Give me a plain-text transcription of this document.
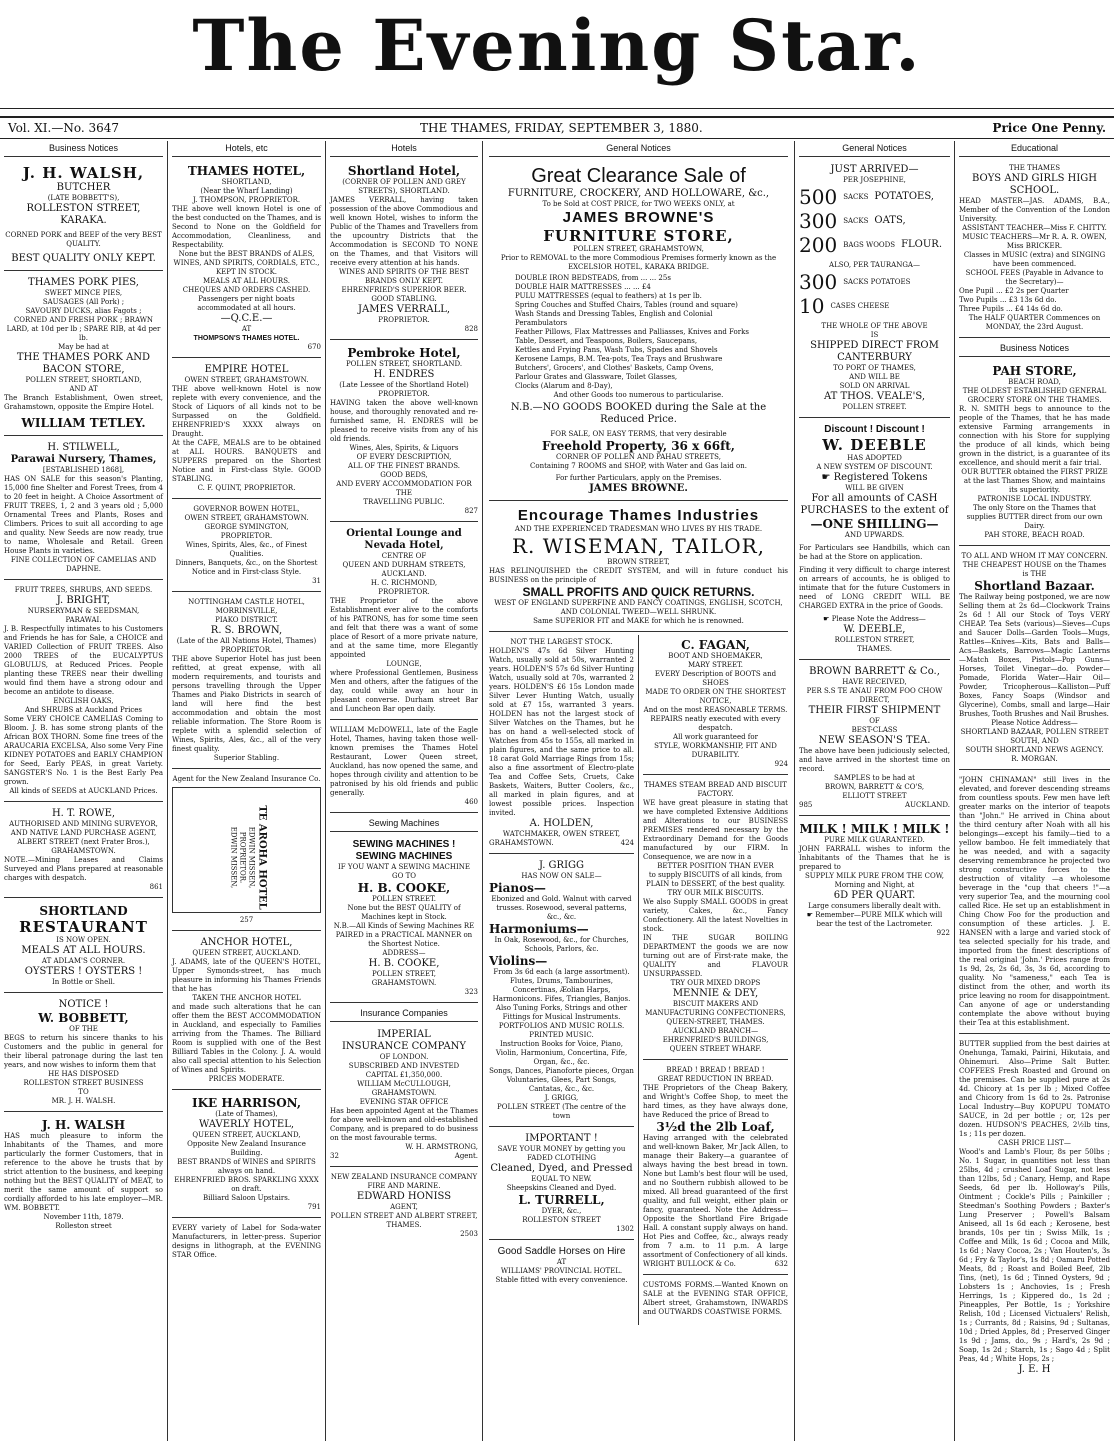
The Evening Star.
Vol. XI.—No. 3647	THE THAMES, FRIDAY, SEPTEMBER 3, 1880.	Price One Penny.
Business Notices
J. H. WALSH,
BUTCHER
(LATE BOBBETT'S),
ROLLESTON STREET, KARAKA.
CORNED PORK and BEEF of the very BEST QUALITY.
BEST QUALITY ONLY KEPT.
THAMES PORK PIES,
SWEET MINCE PIES,
SAUSAGES (All Pork) ;
SAVOURY DUCKS, alias Fagots ;
CORNED AND FRESH PORK ; BRAWN
LARD, at 10d per lb ; SPARE RIB, at 4d per lb.
May be had at
THE THAMES PORK AND
BACON STORE,
POLLEN STREET, SHORTLAND,
AND AT
The Branch Establishment, Owen street, Grahamstown, opposite the Empire Hotel.
WILLIAM TETLEY.
H. STILWELL,
Parawai Nursery, Thames,
[ESTABLISHED 1868],
HAS ON SALE for this season's Planting, 15,000 fine Shelter and Forest Trees, from 4 to 20 feet in height. A Choice Assortment of FRUIT TREES, 1, 2 and 3 years old ; 5,000 Ornamental Trees and Plants, Roses and Climbers. Prices to suit all according to age and quality. New Seeds are now ready, true to name, Wholesale and Retail. Green House Plants in varieties.
FINE COLLECTION OF CAMELIAS AND DAPHNE.
FRUIT TREES, SHRUBS, AND SEEDS.
J. BRIGHT,
NURSERYMAN & SEEDSMAN,
PARAWAI.
J. B. Respectfully intimates to his Customers and Friends he has for Sale, a CHOICE and VARIED Collection of FRUIT TREES. Also 2000 TREES of the EUCALYPTUS GLOBULUS, at Reduced Prices. People planting these TREES near their dwelling would find them have a strong odour and become an antidote to disease.
ENGLISH OAKS,
And SHRUBS at Auckland Prices
Some VERY CHOICE CAMELIAS Coming to Bloom. J. B. has some strong plants of the African BOX THORN. Some fine trees of the ARAUCARIA EXCELSA, Also some Very Fine KIDNEY POTATOES and EARLY CHAMPION for Seed, Early PEAS, in great Variety. SANGSTER'S No. 1 is the Best Early Pea grown.
All kinds of SEEDS at AUCKLAND Prices.
H. T. ROWE,
AUTHORISED AND MINING SURVEYOR, AND NATIVE LAND PURCHASE AGENT,
ALBERT STREET (next Frater Bros.), GRAHAMSTOWN.
NOTE.—Mining Leases and Claims Surveyed and Plans prepared at reasonable charges with despatch.
861
SHORTLAND
RESTAURANT
IS NOW OPEN.
MEALS AT ALL HOURS.
AT ADLAM'S CORNER.
OYSTERS ! OYSTERS !
In Bottle or Shell.
NOTICE !
W. BOBBETT,
OF THE
BEGS to return his sincere thanks to his Customers and the public in general for their liberal patronage during the last ten years, and now wishes to inform them that
HE HAS DISPOSED
ROLLESTON STREET BUSINESS
TO
MR. J. H. WALSH.
J. H. WALSH
HAS much pleasure to inform the Inhabitants of the Thames, and more particularly the former Customers, that in reference to the above he trusts that by strict attention to the business, and keeping nothing but the BEST QUALITY of MEAT, to merit the same amount of support so cordially afforded to his late employer—MR. WM. BOBBETT.
November 11th, 1879.
Rolleston street
Hotels, etc
THAMES HOTEL,
SHORTLAND,
(Near the Wharf Landing)
J. THOMPSON, PROPRIETOR.
THE above well known Hotel is one of the best conducted on the Thames, and is Second to None on the Goldfield for Accommodation, Cleanliness, and Respectability.
None but the BEST BRANDS of ALES, WINES, AND SPIRITS, CORDIALS, ETC., KEPT IN STOCK.
MEALS AT ALL HOURS.
CHEQUES AND ORDERS CASHED.
Passengers per night boats accommodated at all hours.
—Q.C.E.—
AT
THOMPSON'S THAMES HOTEL.
670
EMPIRE HOTEL
OWEN STREET, GRAHAMSTOWN.
THE above well-known Hotel is now replete with every convenience, and the Stock of Liquors of all kinds not to be Surpassed on the Goldfield. EHRENFRIED'S XXXX always on Draught.
At the CAFE, MEALS are to be obtained at ALL HOURS. BANQUETS and SUPPERS prepared on the Shortest Notice and in First-class Style. GOOD STABLING.
C. F. QUINT, PROPRIETOR.
GOVERNOR BOWEN HOTEL,
OWEN STREET, GRAHAMSTOWN.
GEORGE SYMINGTON,
PROPRIETOR.
Wines, Spirits, Ales, &c., of Finest Qualities.
Dinners, Banquets, &c., on the Shortest Notice and in First-class Style.
31
NOTTINGHAM CASTLE HOTEL,
MORRINSVILLE,
PIAKO DISTRICT.
R. S. BROWN,
(Late of the All Nations Hotel, Thames)
PROPRIETOR.
THE above Superior Hotel has just been refitted, at great expense, with all modern requirements, and tourists and persons travelling through the Upper Thames and Piako Districts in search of land will here find the best accommodation and obtain the most reliable information. The Store Room is replete with a splendid selection of Wines, Spirits, Ales, &c., all of the very finest quality.
Superior Stabling.
Agent for the New Zealand Insurance Co.
TE AROHA HOTEL
EDWIN MISSEN, PROPRIETOR.
EDWIN MISSEN,
257
ANCHOR HOTEL,
QUEEN STREET, AUCKLAND.
J. ADAMS, late of the QUEEN'S HOTEL, Upper Symonds-street, has much pleasure in informing his Thames Friends that he has
TAKEN THE ANCHOR HOTEL
and made such alterations that he can offer them the BEST ACCOMMODATION in Auckland, and especially to Families arriving from the Thames. The Billiard Room is supplied with one of the Best Billiard Tables in the Colony. J. A. would also call special attention to his Selection of Wines and Spirits.
PRICES MODERATE.
IKE HARRISON,
(Late of Thames),
WAVERLY HOTEL,
QUEEN STREET, AUCKLAND,
Opposite New Zealand Insurance Building.
BEST BRANDS of WINES and SPIRITS always on hand.
EHRENFRIED BROS. SPARKLING XXXX on draft.
Billiard Saloon Upstairs.
791
EVERY variety of Label for Soda-water Manufacturers, in letter-press. Superior designs in lithograph, at the EVENING STAR Office.
Hotels
Shortland Hotel,
(CORNER OF POLLEN AND GREY STREETS), SHORTLAND.
JAMES VERRALL, having taken possession of the above Commodious and well known Hotel, wishes to inform the Public of the Thames and Travellers from the upcountry Districts that the Accommodation is SECOND TO NONE on the Thames, and that Visitors will receive every attention at his hands.
WINES AND SPIRITS OF THE BEST BRANDS ONLY KEPT.
EHRENFRIED'S SUPERIOR BEER.
GOOD STABLING.
JAMES VERRALL,
PROPRIETOR.
828
Pembroke Hotel,
POLLEN STREET, SHORTLAND.
H. ENDRES
(Late Lessee of the Shortland Hotel) PROPRIETOR.
HAVING taken the above well-known house, and thoroughly renovated and re-furnished same, H. ENDRES will be pleased to receive visits from any of his old friends.
Wines, Ales, Spirits, & Liquors
OF EVERY DESCRIPTION,
ALL OF THE FINEST BRANDS.
GOOD BEDS,
AND EVERY ACCOMMODATION FOR THE
TRAVELLING PUBLIC.
827
Oriental Lounge and Nevada Hotel,
CENTRE OF
QUEEN AND DURHAM STREETS,
AUCKLAND.
H. C. RICHMOND,
PROPRIETOR.
THE Proprietor of the above Establishment ever alive to the comforts of his PATRONS, has for some time seen and felt that there was a want of some place of Resort of a more private nature, and at the same time, more Elegantly appointed
LOUNGE,
where Professional Gentlemen, Business Men and others, after the fatigues of the day, could while away an hour in pleasant converse. Durham street Bar and Luncheon Bar open daily.
WILLIAM McDOWELL, late of the Eagle Hotel, Thames, having taken those well-known premises the Thames Hotel Restaurant, Lower Queen street, Auckland, has now opened the same, and hopes through civility and attention to be patronised by his old friends and public generally.
460
Sewing Machines
SEWING MACHINES !
SEWING MACHINES
IF YOU WANT A SEWING MACHINE
GO TO
H. B. COOKE,
POLLEN STREET.
None but the BEST QUALITY of Machines kept in Stock.
N.B.—All Kinds of Sewing Machines RE PAIRED in a PRACTICAL MANNER on the Shortest Notice.
ADDRESS—
H. B. COOKE,
POLLEN STREET,
GRAHAMSTOWN.
323
Insurance Companies
IMPERIAL
INSURANCE COMPANY
OF LONDON.
SUBSCRIBED AND INVESTED
CAPITAL £1,350,000.
WILLIAM McCULLOUGH,
GRAHAMSTOWN.
EVENING STAR OFFICE
Has been appointed Agent at the Thames for above well-known and old-established Company, and is prepared to do business on the most favourable terms.
W. H. ARMSTRONG,
32	Agent.
NEW ZEALAND INSURANCE COMPANY
FIRE AND MARINE.
EDWARD HONISS
AGENT,
POLLEN STREET AND ALBERT STREET, THAMES.
2503
General Notices
Great Clearance Sale of
FURNITURE, CROCKERY, AND HOLLOWARE, &c.,
To be Sold at COST PRICE, for TWO WEEKS ONLY, at
JAMES BROWNE'S
FURNITURE STORE,
POLLEN STREET, GRAHAMSTOWN,
Prior to REMOVAL to the more Commodious Premises formerly known as the EXCELSIOR HOTEL, KARAKA BRIDGE.
DOUBLE IRON BEDSTEADS, from ... ... 25s
DOUBLE HAIR MATTRESSES ... ... £4
PULU MATTRESSES (equal to feathers) at 1s per lb.
Spring Couches and Stuffed Chairs, Tables (round and square)
Wash Stands and Dressing Tables, English and Colonial Perambulators
Feather Pillows, Flax Mattresses and Palliasses, Knives and Forks
Table, Dessert, and Teaspoons, Boilers, Saucepans,
Kettles and Frying Pans, Wash Tubs, Spades and Shovels
Kerosene Lamps, B.M. Tea-pots, Tea Trays and Brushware
Butchers', Grocers', and Clothes' Baskets, Camp Ovens,
Parlour Grates and Glassware, Toilet Glasses,
Clocks (Alarum and 8-Day),
And other Goods too numerous to particularise.
N.B.—NO GOODS BOOKED during the Sale at the Reduced Price.
FOR SALE, ON EASY TERMS, that very desirable
Freehold Property, 36 x 66ft,
CORNER OF POLLEN AND PAHAU STREETS,
Containing 7 ROOMS and SHOP, with Water and Gas laid on.
For further Particulars, apply on the Premises.
JAMES BROWNE.
Encourage Thames Industries
AND THE EXPERIENCED TRADESMAN WHO LIVES BY HIS TRADE.
R. WISEMAN, TAILOR,
BROWN STREET,
HAS RELINQUISHED the CREDIT SYSTEM, and will in future conduct his BUSINESS on the principle of
SMALL PROFITS AND QUICK RETURNS.
WEST OF ENGLAND SUPERFINE AND FANCY COATINGS, ENGLISH, SCOTCH, AND COLONIAL TWEED—WELL SHRUNK.
Same SUPERIOR FIT and MAKE for which he is renowned.
NOT THE LARGEST STOCK.
HOLDEN'S 47s 6d Silver Hunting Watch, usually sold at 50s, warranted 2 years. HOLDEN'S 57s 6d Silver Hunting Watch, usually sold at 70s, warranted 2 years. HOLDEN'S £6 15s London made Silver Lever Hunting Watch, usually sold at £7 15s, warranted 3 years. HOLDEN has not the largest stock of Silver Watches on the Thames, but he has on hand a well-selected stock of Watches from 45s to 155s, all marked in plain figures, and the same price to all. 18 carat Gold Marriage Rings from 15s; also a fine assortment of Electro-plate Tea and Coffee Sets, Cruets, Cake Baskets, Waiters, Butter Coolers, &c., all marked in plain figures, and at lowest possible prices. Inspection invited.
A. HOLDEN,
WATCHMAKER, OWEN STREET,
GRAHAMSTOWN.	424
J. GRIGG
HAS NOW ON SALE—
Pianos—
Ebonized and Gold. Walnut with carved trusses. Rosewood, several patterns, &c., &c.
Harmoniums—
In Oak, Rosewood, &c., for Churches, Schools, Parlors, &c.
Violins—
From 3s 6d each (a large assortment). Flutes, Drums, Tambourines, Concertinas, Æolian Harps, Harmonicons. Fifes, Triangles, Banjos. Also Tuning Forks, Strings and other Fittings for Musical Instruments.
PORTFOLIOS AND MUSIC ROLLS.
PRINTED MUSIC.
Instruction Books for Voice, Piano, Violin, Harmonium, Concertina, Fife, Organ, &c., &c.
Songs, Dances, Pianoforte pieces, Organ Voluntaries, Glees, Part Songs, Cantatas, &c., &c.
J. GRIGG,
POLLEN STREET (The centre of the town
IMPORTANT !
SAVE YOUR MONEY by getting you FADED CLOTHING
Cleaned, Dyed, and Pressed
EQUAL TO NEW.
Sheepskins Cleaned and Dyed.
L. TURRELL,
DYER, &c.,
ROLLESTON STREET
1302
Good Saddle Horses on Hire
AT
WILLIAMS' PROVINCIAL HOTEL.
Stable fitted with every convenience.
C. FAGAN,
BOOT AND SHOEMAKER,
MARY STREET.
EVERY Description of BOOTS and SHOES
MADE TO ORDER ON THE SHORTEST NOTICE,
And on the most REASONABLE TERMS.
REPAIRS neatly executed with every despatch.
All work guaranteed for
STYLE, WORKMANSHIP, FIT AND DURABILITY.
924
THAMES STEAM BREAD AND BISCUIT FACTORY.
WE have great pleasure in stating that we have completed Extensive Additions and Alterations to our BUSINESS PREMISES rendered necessary by the Extraordinary Demand for the Goods manufactured by our FIRM. In Consequence, we are now in a
BETTER POSITION THAN EVER
to supply BISCUITS of all kinds, from PLAIN to DESSERT, of the best quality.
TRY OUR MILK BISCUITS.
We also Supply SMALL GOODS in great variety, Cakes, &c., Fancy Confectionery. All the latest Novelties in stock.
IN THE SUGAR BOILING DEPARTMENT the goods we are now turning out are of First-rate make, the QUALITY and FLAVOUR UNSURPASSED.
TRY OUR MIXED DROPS
MENNIE & DEY,
BISCUIT MAKERS AND MANUFACTURING CONFECTIONERS,
QUEEN-STREET, THAMES.
AUCKLAND BRANCH—
EHRENFRIED'S BUILDINGS,
QUEEN STREET WHARF.
BREAD ! BREAD ! BREAD !
GREAT REDUCTION IN BREAD.
THE Proprietors of the Cheap Bakery, and Wright's Coffee Shop, to meet the hard times, as they have always done, have Reduced the price of Bread to
3½d the 2lb Loaf,
Having arranged with the celebrated and well-known Baker, Mr Jack Allen, to manage their Bakery—a guarantee of always having the best bread in town. None but Lamb's best flour will be used, and no Southern rubbish allowed to be mixed. All bread guaranteed of the first quality, and full weight, either plain or fancy, guaranteed. Note the Address—Opposite the Shortland Fire Brigade Hall. A constant supply always on hand. Hot Pies and Coffee, &c., always ready from 7 a.m. to 11 p.m. A large assortment of Confectionery of all kinds.
WRIGHT BULLOCK & Co.	632
CUSTOMS FORMS.—Wanted Known on SALE at the EVENING STAR OFFICE, Albert street, Grahamstown, INWARDS and OUTWARDS COASTWISE FORMS.
General Notices
JUST ARRIVED—
PER JOSEPHINE,
500 SACKS POTATOES,
300 SACKS OATS,
200 BAGS WOODS FLOUR.
ALSO, PER TAURANGA—
300 SACKS POTATOES
10 CASES CHEESE
THE WHOLE OF THE ABOVE
IS
SHIPPED DIRECT FROM
CANTERBURY
TO PORT OF THAMES,
AND WILL BE
SOLD ON ARRIVAL
AT THOS. VEALE'S,
POLLEN STREET.
Discount ! Discount !
W. DEEBLE
HAS ADOPTED
A NEW SYSTEM OF DISCOUNT.
☛ Registered Tokens
WILL BE GIVEN
For all amounts of CASH PURCHASES to the extent of
—ONE SHILLING—
AND UPWARDS.
For Particulars see Handbills, which can be had at the Store on application.
Finding it very difficult to charge interest on arrears of accounts, he is obliged to intimate that for the future Customers in need of LONG CREDIT WILL BE CHARGED EXTRA in the price of Goods.
☛ Please Note the Address—
W. DEEBLE,
ROLLESTON STREET,
THAMES.
BROWN BARRETT & Co.,
HAVE RECEIVED,
PER S.S TE ANAU FROM FOO CHOW DIRECT,
THEIR FIRST SHIPMENT
OF
BEST-CLASS
NEW SEASON'S TEA.
The above have been judiciously selected, and have arrived in the shortest time on record.
SAMPLES to be had at
BROWN, BARRETT & CO'S,
ELLIOTT STREET
985	AUCKLAND.
MILK ! MILK ! MILK !
PURE MILK GUARANTEED.
JOHN FARRALL wishes to inform the Inhabitants of the Thames that he is prepared to
SUPPLY MILK PURE FROM THE COW,
Morning and Night, at
6D PER QUART.
Large consumers liberally dealt with.
☛ Remember—PURE MILK which will bear the test of the Lactrometer.
922
Educational
THE THAMES
BOYS AND GIRLS HIGH SCHOOL.
HEAD MASTER—JAS. ADAMS, B.A., Member of the Convention of the London University.
ASSISTANT TEACHER—Miss F. CHITTY.
MUSIC TEACHERS—Mr R. A. R. OWEN, Miss BRICKER.
Classes in MUSIC (extra) and SINGING have been commenced.
SCHOOL FEES (Payable in Advance to the Secretary)—
One Pupil ... £2 2s per Quarter
Two Pupils ... £3 13s 6d do.
Three Pupils ... £4 14s 6d do.
The HALF QUARTER Commences on MONDAY, the 23rd August.
Business Notices
PAH STORE,
BEACH ROAD,
THE OLDEST ESTABLISHED GENERAL GROCERY STORE ON THE THAMES.
R. N. SMITH begs to announce to the people of the Thames, that he has made extensive Farming arrangements in connection with his Store for supplying the produce of all kinds, which being grown in the district, is a guarantee of its excellence, and should merit a fair trial.
OUR BUTTER obtained the FIRST PRIZE at the last Thames Show, and maintains its superiority.
PATRONISE LOCAL INDUSTRY.
The only Store on the Thames that supplies BUTTER direct from our own Dairy.
PAH STORE, BEACH ROAD.
TO ALL AND WHOM IT MAY CONCERN.
THE CHEAPEST HOUSE on the Thames is THE
Shortland Bazaar.
The Railway being postponed, we are now Selling them at 2s 6d—Clockwork Trains 2s 6d ! All our Stock of Toys VERY CHEAP. Tea Sets (various)—Sieves—Cups and Saucer Dolls—Garden Tools—Mugs, Rattles—Knives—Kits, Bats and Balls—Acs—Baskets, Barrows—Magic Lanterns—Match Boxes, Pistols—Pop Guns—Horses, Toilet Vinegar—do. Powder—Pomade, Florida Water—Hair Oil—Powder, Tricopherous—Kalliston—Puff Boxes, Fancy Soaps (Windsor and Glycerine), Combs, small and large—Hair Brushes, Tooth Brushes and Nail Brushes.
Please Notice Address—
SHORTLAND BAZAAR, POLLEN STREET SOUTH, AND
SOUTH SHORTLAND NEWS AGENCY.
R. MORGAN.
"JOHN CHINAMAN" still lives in the elevated, and forever descending streams from countless spouts. Few men have left greater marks on the interior of teapots than "John." He arrived in China about the third century after Noah with all his belongings—except his family—tied to a yellow bamboo. He felt immediately that he was needed, and with a sagacity deserving remembrance he projected two strong constructive forces to the destruction of vitality —a wholesome beverage in the "cup that cheers !"—a very superior Tea, and the mourning cool called Rice. He set up an establishment in Ching Chow Foo for the production and consumption of these articles. J. E. HANSEN with a large and varied stock of tea selected specially for his trade, and imported from the finest descriptions of the real original 'John.' Prices range from 1s 9d, 2s, 2s 6d, 3s, 3s 6d, according to quality. No "sameness," each Tea is distinct from the other, and worth its price leaving no room for disappointment. Can anyone of age or understanding contemplate the above without buying their Tea at this establishment.
BUTTER supplied from the best dairies at Onehunga, Tamaki, Pairini, Hikutaia, and Ohinemuri. Also—Prime Salt Butter. COFFEES Fresh Roasted and Ground on the premises. Can be supplied pure at 2s 4d. Chicory at 1s per lb ; Mixed Coffee and Chicory from 1s 6d to 2s. Patronise Local Industry—Buy KOPUPU TOMATO SAUCE, in 2d per bottle ; or, 12s per dozen. HUDSON'S PEACHES, 2½lb tins, 1s ; 11s per dozen.
CASH PRICE LIST—
Wood's and Lamb's Flour, 8s per 50lbs ; No. 1 Sugar, in quantities not less than 25lbs, 4d ; crushed Loaf Sugar, not less than 12lbs, 5d ; Canary, Hemp, and Rape Seeds, 6d per lb. Holloway's Pills, Ointment ; Cockle's Pills ; Painkiller ; Steedman's Soothing Powders ; Baxter's Lung Preserver ; Powell's Balsam Aniseed, all 1s 6d each ; Kerosene, best brands, 10s per tin ; Swiss Milk, 1s ; Coffee and Milk, 1s 6d ; Cocoa and Milk, 1s 6d ; Navy Cocoa, 2s ; Van Houten's, 3s 6d ; Fry & Taylor's, 1s 8d ; Oamaru Potted Meats, 8d ; Roast and Boiled Beef, 2lb Tins, (net), 1s 6d ; Tinned Oysters, 9d ; Lobsters 1s ; Anchovies, 1s ; Fresh Herrings, 1s ; Kippered do., 1s 2d ; Pineapples, Per Bottle, 1s ; Yorkshire Relish, 10d ; Licensed Victualers' Relish, 1s ; Currants, 8d ; Raisins, 9d ; Sultanas, 10d ; Dried Apples, 8d ; Preserved Ginger 1s 9d ; Jams, do., 9s ; Hard's, 2s 9d ; Soap, 1s 2d ; Starch, 1s ; Sago 4d ; Split Peas, 4d ; White Hops, 2s ;
J. E. H
